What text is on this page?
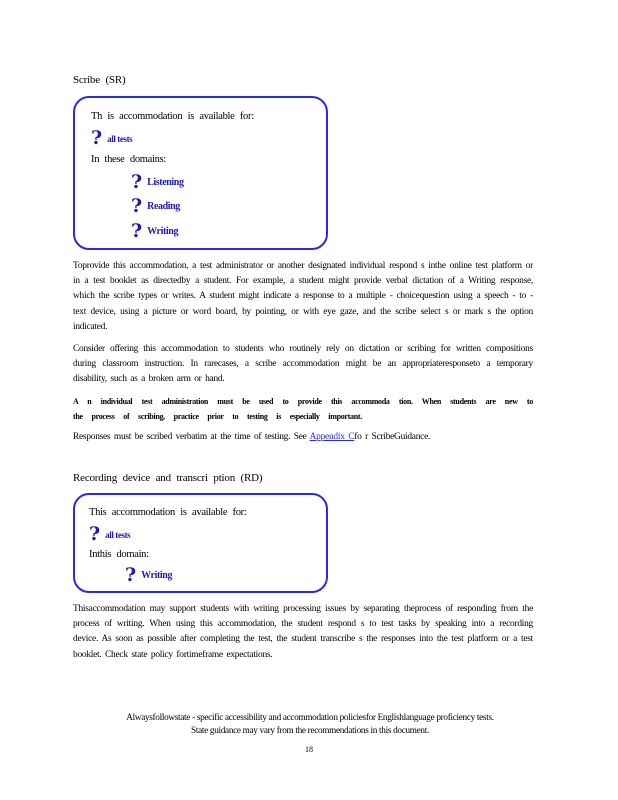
Scribe (SR)
Th is accommodation is available for:
? all tests
In these domains:
? Listening
? Reading
? Writing
Toprovide this accommodation, a test administrator or another designated individual respond s inthe online test platform or in a test booklet as directedby a student. For example, a student might provide verbal dictation of a Writing response, which the scribe types or writes. A student might indicate a response to a multiple - choicequestion using a speech - to - text device, using a picture or word board, by pointing, or with eye gaze, and the scribe select s or mark s the option indicated.
Consider offering this accommodation to students who routinely rely on dictation or scribing for written compositions during classroom instruction. In rarecases, a scribe accommodation might be an appropriateresponseto a temporary disability, such as a broken arm or hand.
A n individual test administration must be used to provide this accommoda tion. When students are new to the process of scribing, practice prior to testing is especially important.
Responses must be scribed verbatim at the time of testing. See Appendix Cfo r ScribeGuidance.
Recording device and transcri ption (RD)
This accommodation is available for:
? all tests
Inthis domain:
? Writing
Thisaccommodation may support students with writing processing issues by separating theprocess of responding from the process of writing. When using this accommodation, the student respond s to test tasks by speaking into a recording device. As soon as possible after completing the test, the student transcribe s the responses into the test platform or a test booklet. Check state policy fortimeframe expectations.
Alwaysfollowstate - specific accessibility and accommodation policiesfor Englishlanguage proficiency tests.
State guidance may vary from the recommendations in this document.
18
